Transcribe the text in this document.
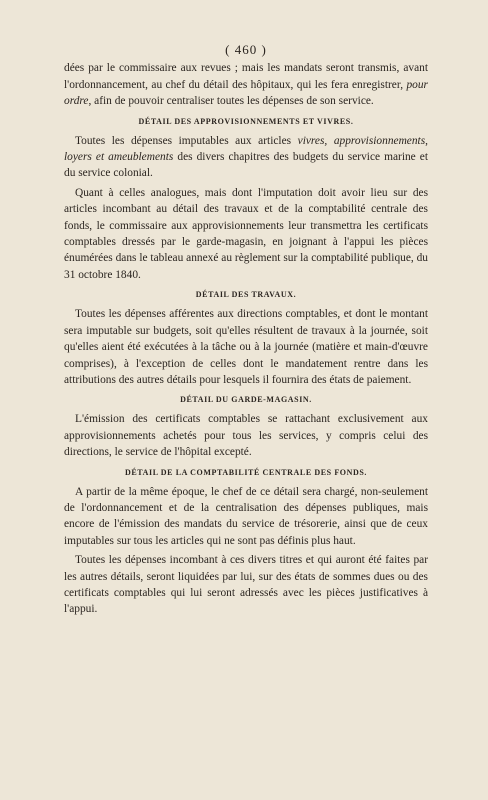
( 460 )

dées par le commissaire aux revues ; mais les mandats seront transmis, avant l'ordonnancement, au chef du détail des hôpitaux, qui les fera enregistrer, pour ordre, afin de pouvoir centraliser toutes les dépenses de son service.

DÉTAIL DES APPROVISIONNEMENTS ET VIVRES.

Toutes les dépenses imputables aux articles vivres, approvisionnements, loyers et ameublements des divers chapitres des budgets du service marine et du service colonial.

Quant à celles analogues, mais dont l'imputation doit avoir lieu sur des articles incombant au détail des travaux et de la comptabilité centrale des fonds, le commissaire aux approvisionnements leur transmettra les certificats comptables dressés par le garde-magasin, en joignant à l'appui les pièces énumérées dans le tableau annexé au règlement sur la comptabilité publique, du 31 octobre 1840.

DÉTAIL DES TRAVAUX.

Toutes les dépenses afférentes aux directions comptables, et dont le montant sera imputable sur budgets, soit qu'elles résultent de travaux à la journée, soit qu'elles aient été exécutées à la tâche ou à la journée (matière et main-d'œuvre comprises), à l'exception de celles dont le mandatement rentre dans les attributions des autres détails pour lesquels il fournira des états de paiement.

DÉTAIL DU GARDE-MAGASIN.

L'émission des certificats comptables se rattachant exclusivement aux approvisionnements achetés pour tous les services, y compris celui des directions, le service de l'hôpital excepté.

DÉTAIL DE LA COMPTABILITÉ CENTRALE DES FONDS.

A partir de la même époque, le chef de ce détail sera chargé, non-seulement de l'ordonnancement et de la centralisation des dépenses publiques, mais encore de l'émission des mandats du service de trésorerie, ainsi que de ceux imputables sur tous les articles qui ne sont pas définis plus haut.

Toutes les dépenses incombant à ces divers titres et qui auront été faites par les autres détails, seront liquidées par lui, sur des états de sommes dues ou des certificats comptables qui lui seront adressés avec les pièces justificatives à l'appui.
